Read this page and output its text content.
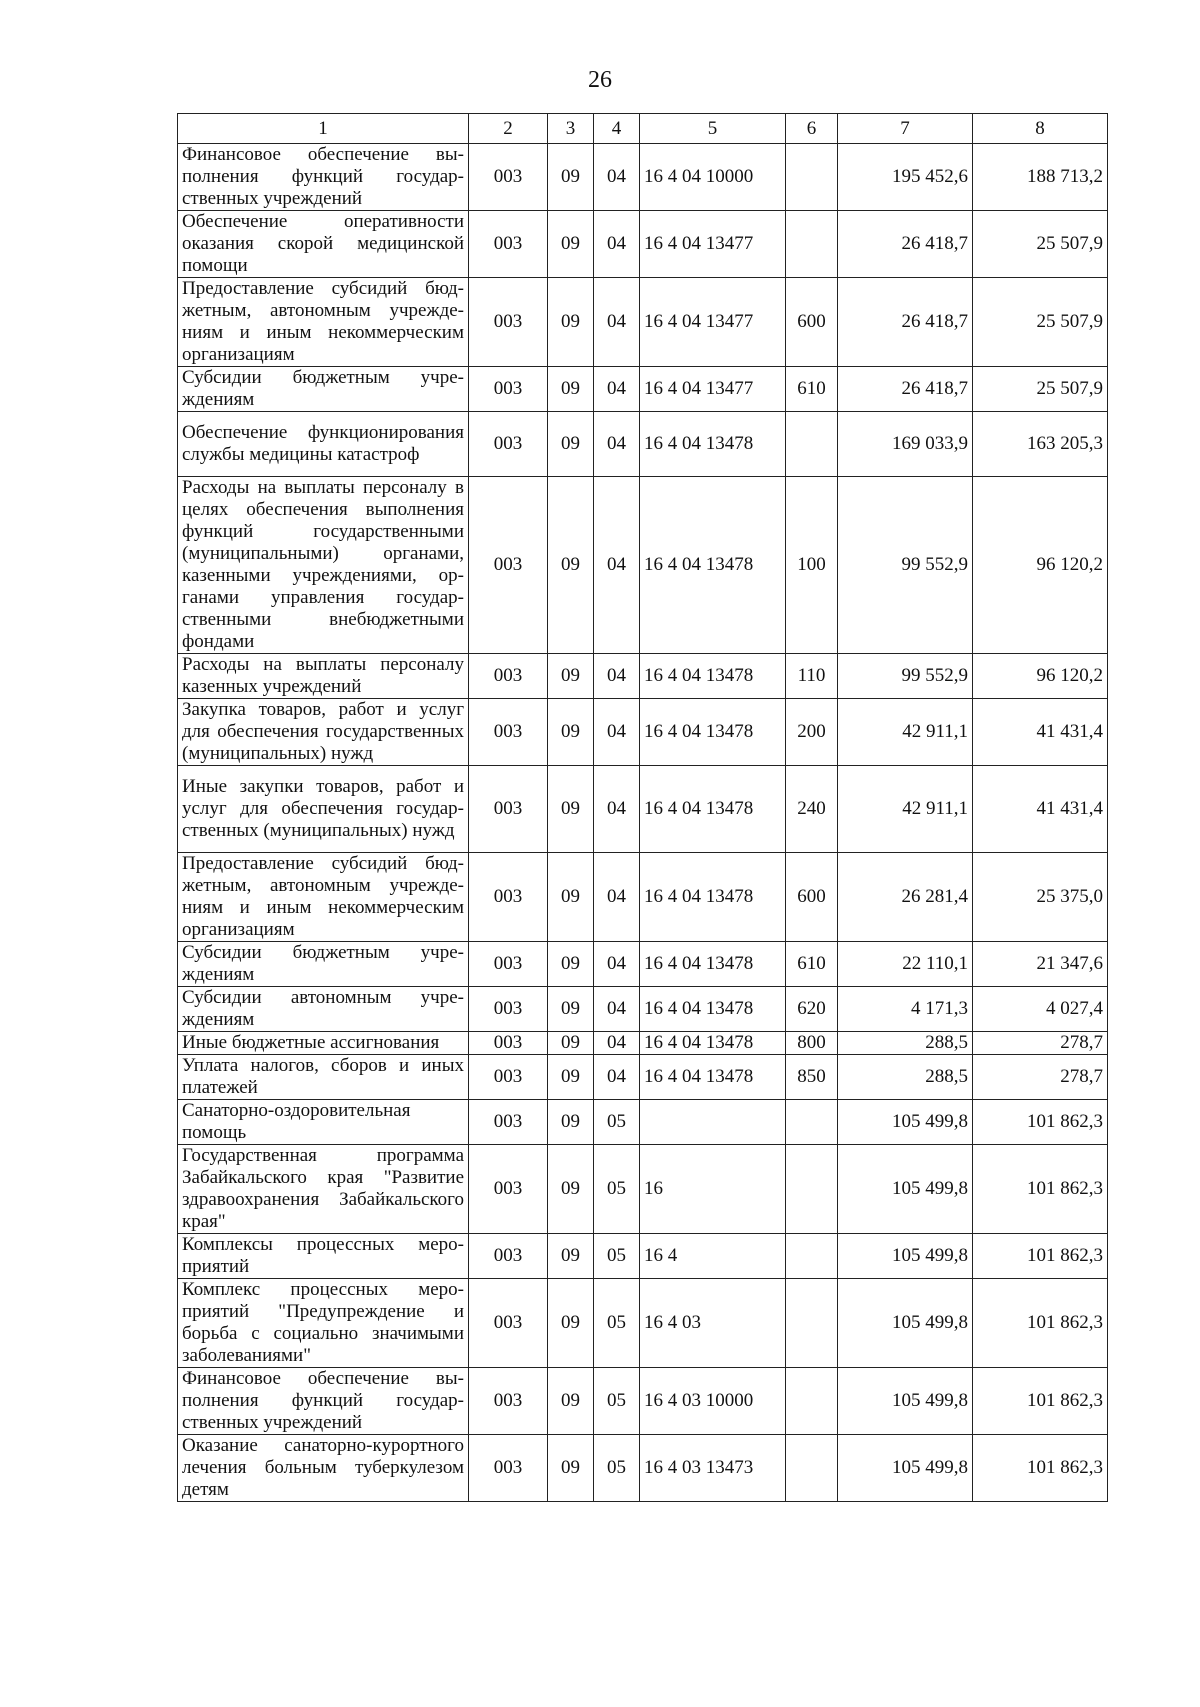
26
1	2	3	4	5	6	7	8
Финансовое обеспечение выполнения функций государственных учреждений	003	09	04	16 4 04 10000		195 452,6	188 713,2
Обеспечение оперативности оказания скорой медицинской помощи	003	09	04	16 4 04 13477		26 418,7	25 507,9
Предоставление субсидий бюджетным, автономным учреждениям и иным некоммерческим организациям	003	09	04	16 4 04 13477	600	26 418,7	25 507,9
Субсидии бюджетным учреждениям	003	09	04	16 4 04 13477	610	26 418,7	25 507,9
Обеспечение функционирования службы медицины катастроф	003	09	04	16 4 04 13478		169 033,9	163 205,3
Расходы на выплаты персоналу в целях обеспечения выполнения функций государственными (муниципальными) органами, казенными учреждениями, органами управления государственными внебюджетными фондами	003	09	04	16 4 04 13478	100	99 552,9	96 120,2
Расходы на выплаты персоналу казенных учреждений	003	09	04	16 4 04 13478	110	99 552,9	96 120,2
Закупка товаров, работ и услуг для обеспечения государственных (муниципальных) нужд	003	09	04	16 4 04 13478	200	42 911,1	41 431,4
Иные закупки товаров, работ и услуг для обеспечения государственных (муниципальных) нужд	003	09	04	16 4 04 13478	240	42 911,1	41 431,4
Предоставление субсидий бюджетным, автономным учреждениям и иным некоммерческим организациям	003	09	04	16 4 04 13478	600	26 281,4	25 375,0
Субсидии бюджетным учреждениям	003	09	04	16 4 04 13478	610	22 110,1	21 347,6
Субсидии автономным учреждениям	003	09	04	16 4 04 13478	620	4 171,3	4 027,4
Иные бюджетные ассигнования	003	09	04	16 4 04 13478	800	288,5	278,7
Уплата налогов, сборов и иных платежей	003	09	04	16 4 04 13478	850	288,5	278,7
Санаторно-оздоровительная помощь	003	09	05			105 499,8	101 862,3
Государственная программа Забайкальского края "Развитие здравоохранения Забайкальского края"	003	09	05	16		105 499,8	101 862,3
Комплексы процессных мероприятий	003	09	05	16 4		105 499,8	101 862,3
Комплекс процессных мероприятий "Предупреждение и борьба с социально значимыми заболеваниями"	003	09	05	16 4 03		105 499,8	101 862,3
Финансовое обеспечение выполнения функций государственных учреждений	003	09	05	16 4 03 10000		105 499,8	101 862,3
Оказание санаторно-курортного лечения больным туберкулезом детям	003	09	05	16 4 03 13473		105 499,8	101 862,3
